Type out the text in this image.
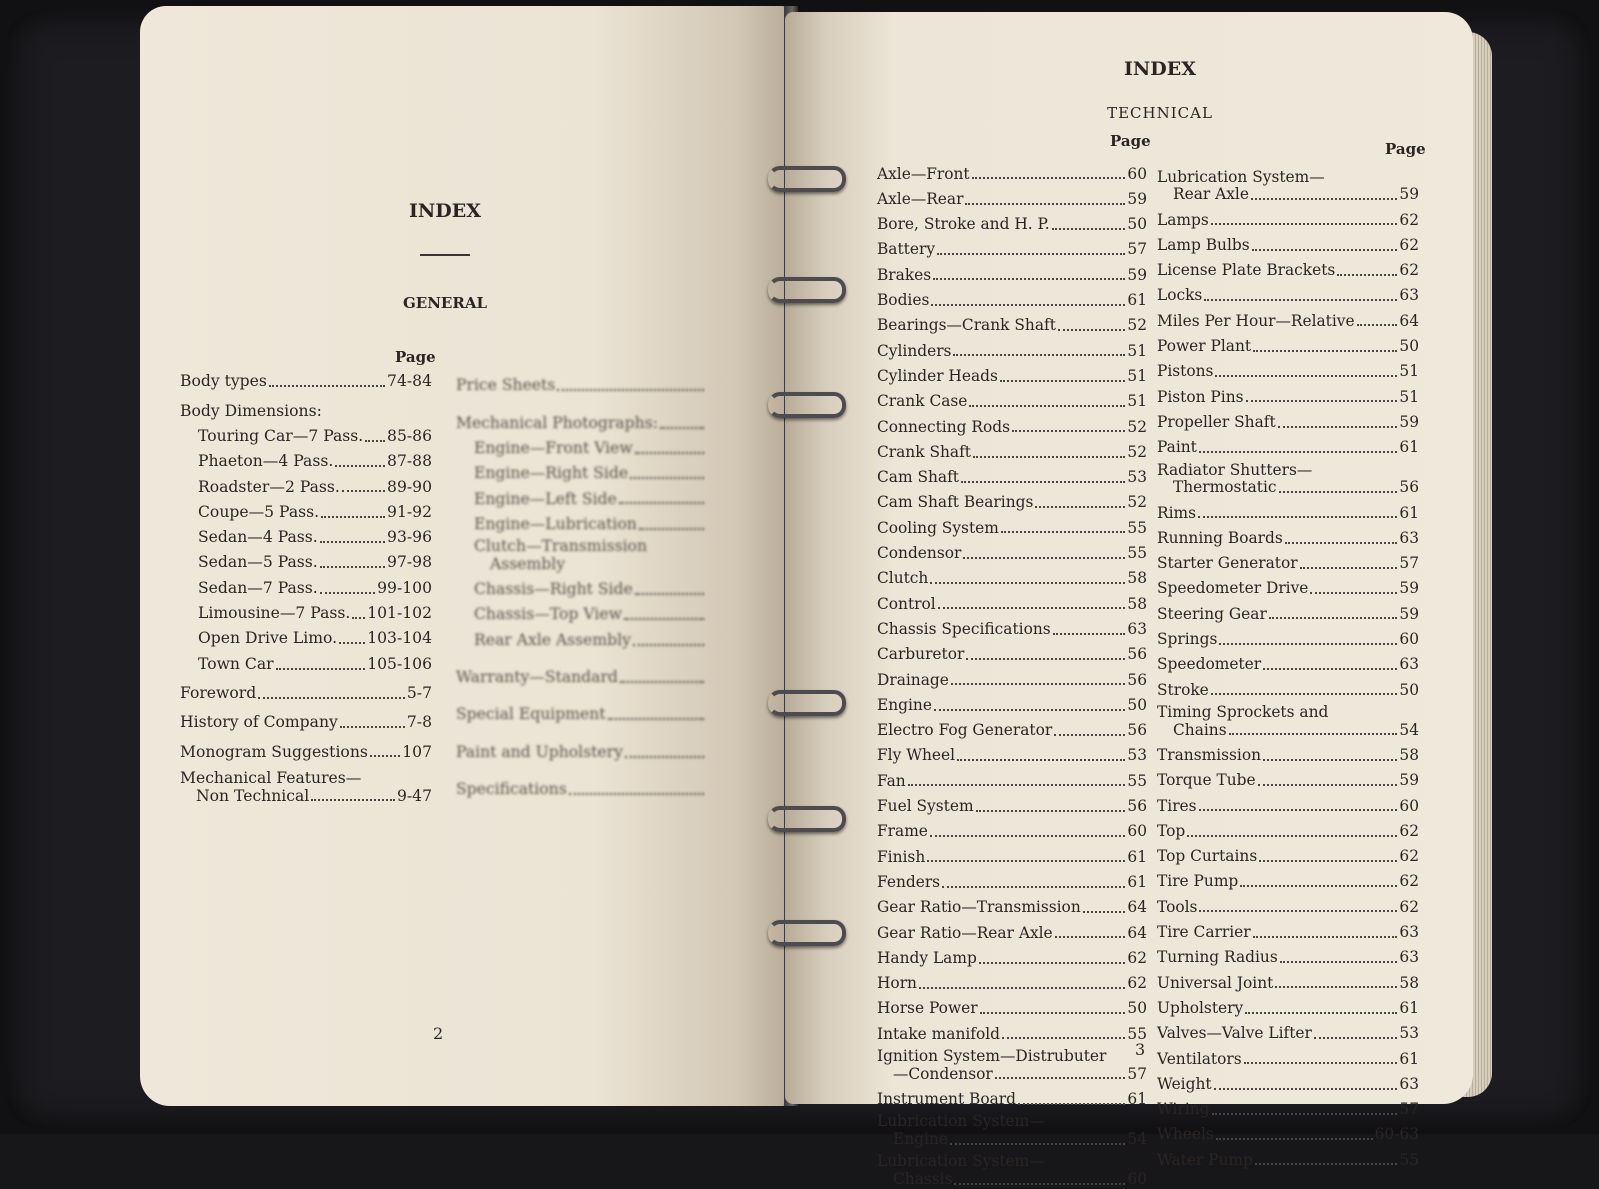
INDEX
GENERAL
Page
Body types	74-84
Body Dimensions:
Touring Car—7 Pass. 85-86
Phaeton—4 Pass.	87-88
Roadster—2 Pass.	89-90
Coupe—5 Pass.	91-92
Sedan—4 Pass.	93-96
Sedan—5 Pass.	97-98
Sedan—7 Pass.	99-100
Limousine—7 Pass. 101-102
Open Drive Limo. 103-104
Town Car	105-106
Foreword	5-7
History of Company	7-8
Monogram Suggestions 107
Mechanical Features—
Non Technical	9-47
Price Sheets
Mechanical Photographs:
Engine—Front View
Engine—Right Side
Engine—Left Side
Engine—Lubrication
Clutch—Transmission
Assembly
Chassis—Right Side
Chassis—Top View
Rear Axle Assembly
Warranty—Standard
Special Equipment
Paint and Upholstery
Specifications
2
INDEX
TECHNICAL
Page	Page
Axle—Front	60
Axle—Rear	59
Bore, Stroke and H. P.	50
Battery	57
Brakes	59
Bodies	61
Bearings—Crank Shaft	52
Cylinders	51
Cylinder Heads	51
Crank Case	51
Connecting Rods	52
Crank Shaft	52
Cam Shaft	53
Cam Shaft Bearings	52
Cooling System	55
Condensor	55
Clutch	58
Control	58
Chassis Specifications	63
Carburetor	56
Drainage	56
Engine	50
Electro Fog Generator	56
Fly Wheel	53
Fan	55
Fuel System	56
Frame	60
Finish	61
Fenders	61
Gear Ratio—Transmission	64
Gear Ratio—Rear Axle	64
Handy Lamp	62
Horn	62
Horse Power	50
Intake manifold	55
Ignition System—Distrubuter
—Condensor	57
Instrument Board	61
Lubrication System—
Engine	54
Lubrication System—
Chassis	60
Lubrication System—
Rear Axle	59
Lamps	62
Lamp Bulbs	62
License Plate Brackets	62
Locks	63
Miles Per Hour—Relative	64
Power Plant	50
Pistons	51
Piston Pins	51
Propeller Shaft	59
Paint	61
Radiator Shutters—
Thermostatic	56
Rims	61
Running Boards	63
Starter Generator	57
Speedometer Drive	59
Steering Gear	59
Springs	60
Speedometer	63
Stroke	50
Timing Sprockets and
Chains	54
Transmission	58
Torque Tube	59
Tires	60
Top	62
Top Curtains	62
Tire Pump	62
Tools	62
Tire Carrier	63
Turning Radius	63
Universal Joint	58
Upholstery	61
Valves—Valve Lifter	53
Ventilators	61
Weight	63
Wiring	57
Wheels	60-63
Water Pump	55
3
